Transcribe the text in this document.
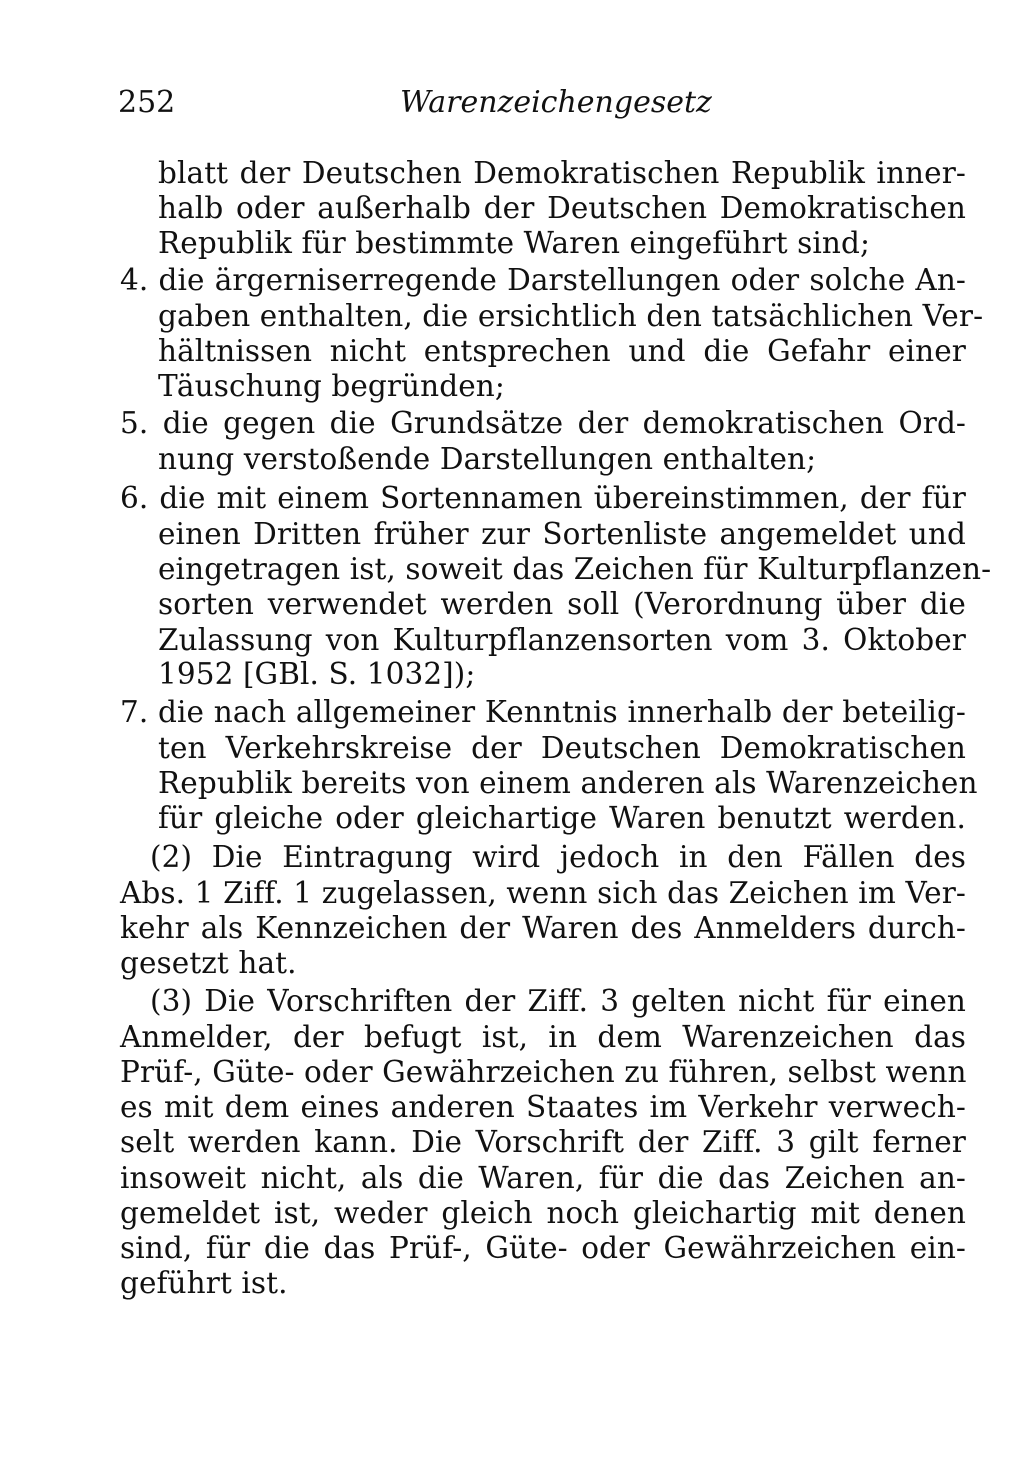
252	Warenzeichengesetz
blatt der Deutschen Demokratischen Republik inner-
halb oder außerhalb der Deutschen Demokratischen
Republik für bestimmte Waren eingeführt sind;
4. die ärgerniserregende Darstellungen oder solche An-
gaben enthalten, die ersichtlich den tatsächlichen Ver-
hältnissen nicht entsprechen und die Gefahr einer
Täuschung begründen;
5. die gegen die Grundsätze der demokratischen Ord-
nung verstoßende Darstellungen enthalten;
6. die mit einem Sortennamen übereinstimmen, der für
einen Dritten früher zur Sortenliste angemeldet und
eingetragen ist, soweit das Zeichen für Kulturpflanzen-
sorten verwendet werden soll (Verordnung über die
Zulassung von Kulturpflanzensorten vom 3. Oktober
1952 [GBl. S. 1032]);
7. die nach allgemeiner Kenntnis innerhalb der beteilig-
ten Verkehrskreise der Deutschen Demokratischen
Republik bereits von einem anderen als Warenzeichen
für gleiche oder gleichartige Waren benutzt werden.
(2) Die Eintragung wird jedoch in den Fällen des
Abs. 1 Ziff. 1 zugelassen, wenn sich das Zeichen im Ver-
kehr als Kennzeichen der Waren des Anmelders durch-
gesetzt hat.
(3) Die Vorschriften der Ziff. 3 gelten nicht für einen
Anmelder, der befugt ist, in dem Warenzeichen das
Prüf-, Güte- oder Gewährzeichen zu führen, selbst wenn
es mit dem eines anderen Staates im Verkehr verwech-
selt werden kann. Die Vorschrift der Ziff. 3 gilt ferner
insoweit nicht, als die Waren, für die das Zeichen an-
gemeldet ist, weder gleich noch gleichartig mit denen
sind, für die das Prüf-, Güte- oder Gewährzeichen ein-
geführt ist.
